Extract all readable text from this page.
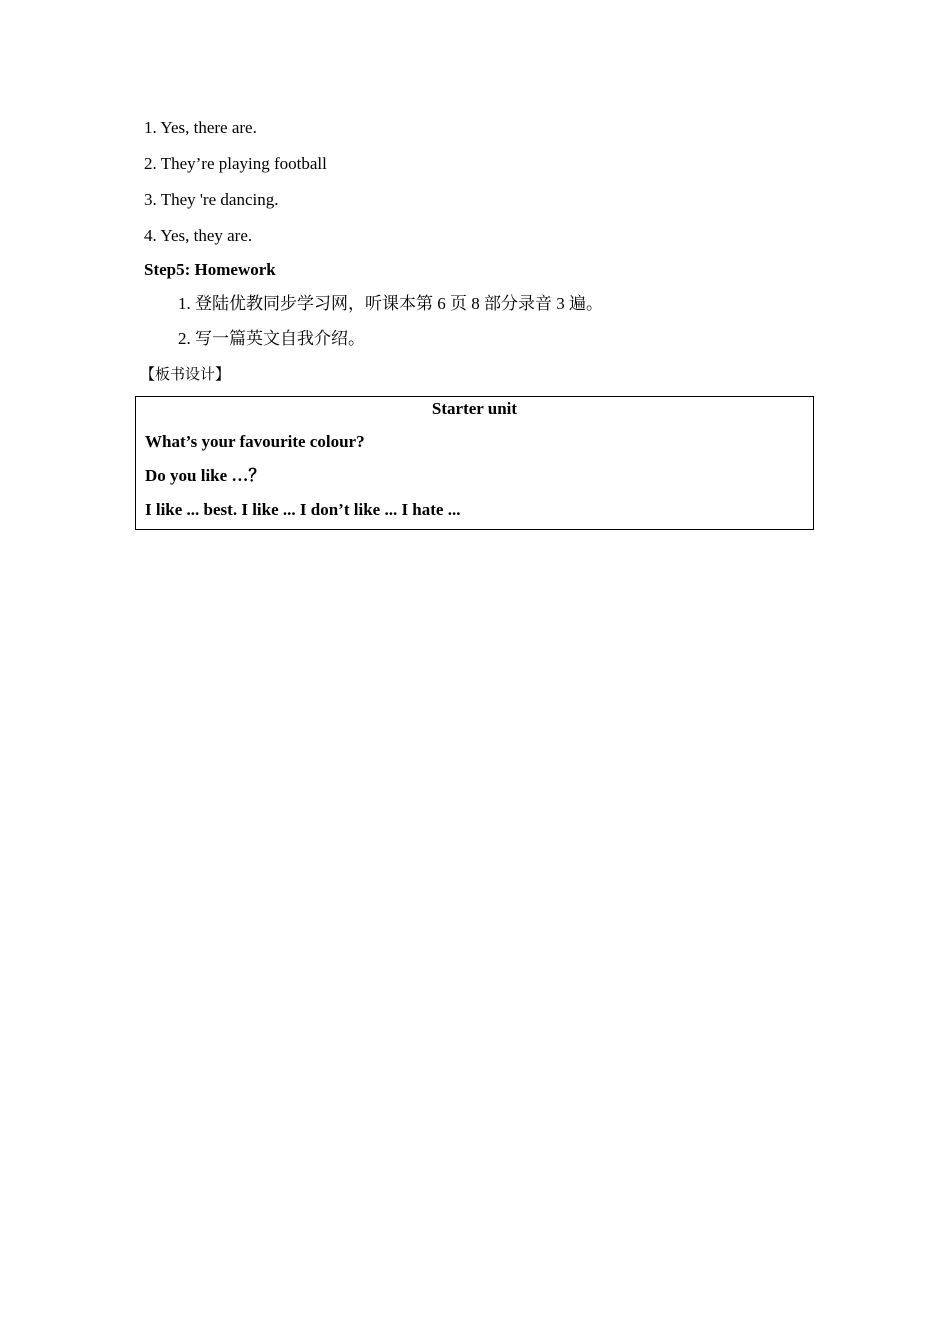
1. Yes, there are.
2. They’re playing football
3. They 're dancing.
4. Yes, they are.
Step5: Homework
1. 登陆优教同步学习网，听课本第 6 页 8 部分录音 3 遍。
2. 写一篇英文自我介绍。
【板书设计】
Starter unit
What’s your favourite colour?
Do you like …？
I like ... best. I like ... I don’t like ... I hate ...
